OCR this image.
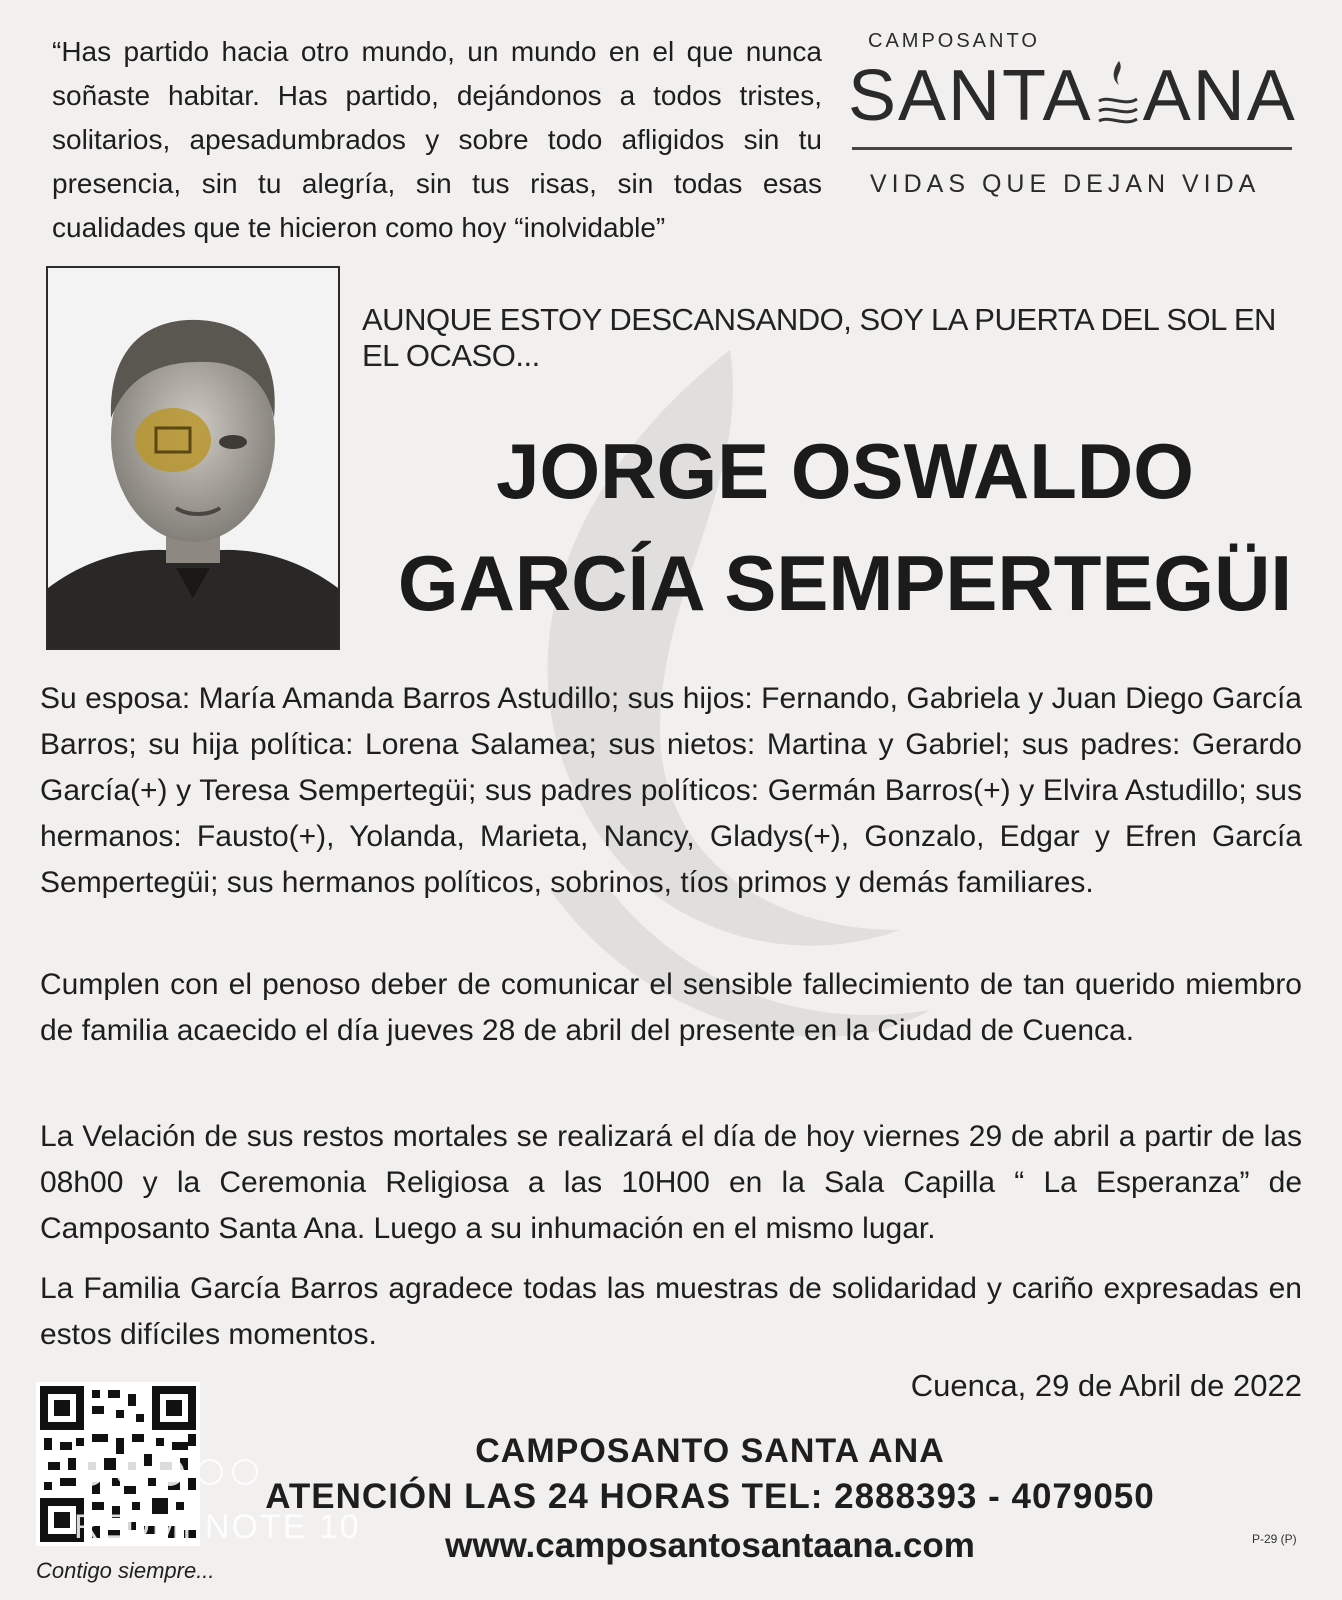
“Has partido hacia otro mundo, un mundo en el que nunca soñaste habitar. Has partido, dejándonos a todos tristes, solitarios, apesadumbrados y sobre todo afligidos sin tu presencia, sin tu alegría, sin tus risas, sin todas esas cualidades que te hicieron como hoy “inolvidable”

CAMPOSANTO
SANTA ANA
VIDAS QUE DEJAN VIDA
AUNQUE ESTOY DESCANSANDO, SOY LA PUERTA DEL SOL EN EL OCASO...
JORGE OSWALDO
GARCÍA SEMPERTEGÜI

Su esposa: María Amanda Barros Astudillo; sus hijos: Fernando, Gabriela y Juan Diego García Barros; su hija política: Lorena Salamea; sus nietos: Martina y Gabriel; sus padres: Gerardo García(+) y Teresa Sempertegüi; sus padres políticos: Germán Barros(+) y Elvira Astudillo; sus hermanos: Fausto(+), Yolanda, Marieta, Nancy, Gladys(+), Gonzalo, Edgar y Efren García Sempertegüi; sus hermanos políticos, sobrinos, tíos primos y demás familiares.

Cumplen con el penoso deber de comunicar el sensible fallecimiento de tan querido miembro de familia acaecido el día jueves 28 de abril del presente en la Ciudad de Cuenca.

La Velación de sus restos mortales se realizará el día de hoy viernes 29 de abril a partir de las 08h00 y la Ceremonia Religiosa a las 10H00 en la Sala Capilla “ La Esperanza” de Camposanto Santa Ana. Luego a su inhumación en el mismo lugar.

La Familia García Barros agradece todas las muestras de solidaridad y cariño expresadas en estos difíciles momentos.

Cuenca, 29 de Abril de 2022
REDMI NOTE 10
Contigo siempre...
CAMPOSANTO SANTA ANA
ATENCIÓN LAS 24 HORAS TEL: 2888393 - 4079050
www.camposantosantaana.com	P-29 (P)
